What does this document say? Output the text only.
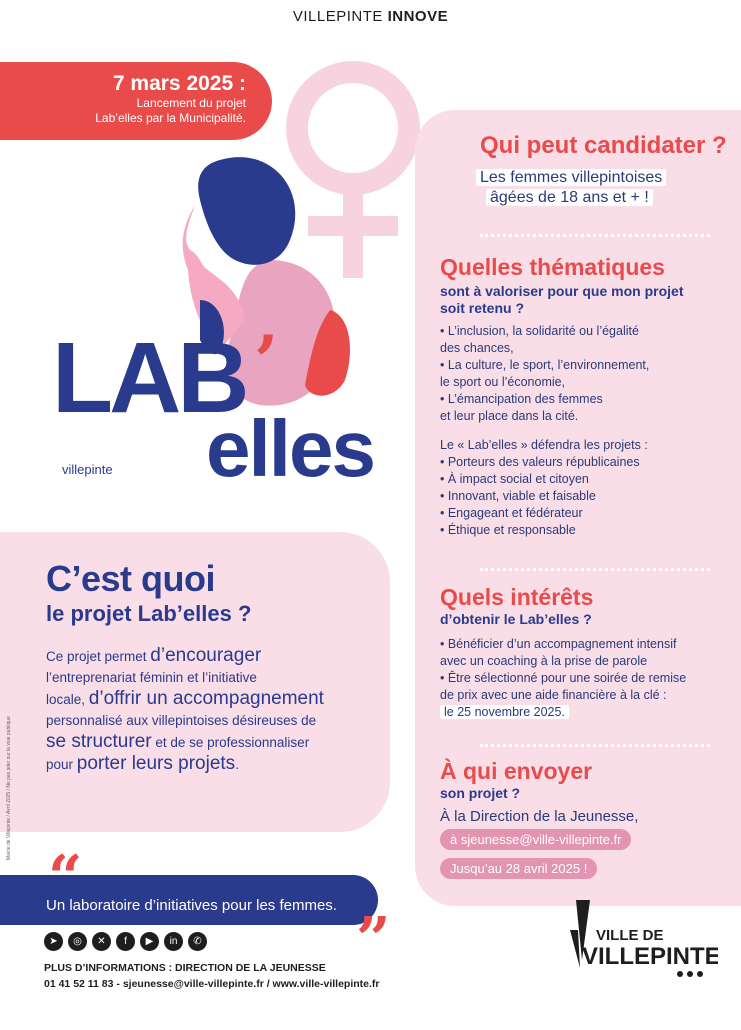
VILLEPINTE INNOVE
7 mars 2025 :
Lancement du projet
Lab’elles par la Municipalité.
LAB ’
elles
villepinte
Qui peut candidater ?
Les femmes villepintoises
âgées de 18 ans et + !
Quelles thématiques
sont à valoriser pour que mon projet
soit retenu ?
• L’inclusion, la solidarité ou l’égalité
des chances,
• La culture, le sport, l’environnement,
le sport ou l’économie,
• L’émancipation des femmes
et leur place dans la cité.
Le « Lab’elles » défendra les projets :
• Porteurs des valeurs républicaines
• À impact social et citoyen
• Innovant, viable et faisable
• Engageant et fédérateur
• Éthique et responsable
Quels intérêts
d’obtenir le Lab’elles ?
• Bénéficier d’un accompagnement intensif
avec un coaching à la prise de parole
• Être sélectionné pour une soirée de remise
de prix avec une aide financière à la clé :
le 25 novembre 2025.
À qui envoyer
son projet ?
À la Direction de la Jeunesse,
à sjeunesse@ville-villepinte.fr
Jusqu’au 28 avril 2025 !
C’est quoi
le projet Lab’elles ?
Ce projet permet d’encourager
l’entreprenariat féminin et l’initiative
locale, d’offrir un accompagnement
personnalisé aux villepintoises désireuses de
se structurer et de se professionnaliser
pour porter leurs projets.
Mairie de Villepinte / Avril 2025 / Ne pas jeter sur la voie publique
“
Un laboratoire d’initiatives pour les femmes. ”
➤	◎	✕	f	▶	in	✆
PLUS D’INFORMATIONS : DIRECTION DE LA JEUNESSE
01 41 52 11 83 - sjeunesse@ville-villepinte.fr / www.ville-villepinte.fr
VILLE DE
VILLEPINTE
